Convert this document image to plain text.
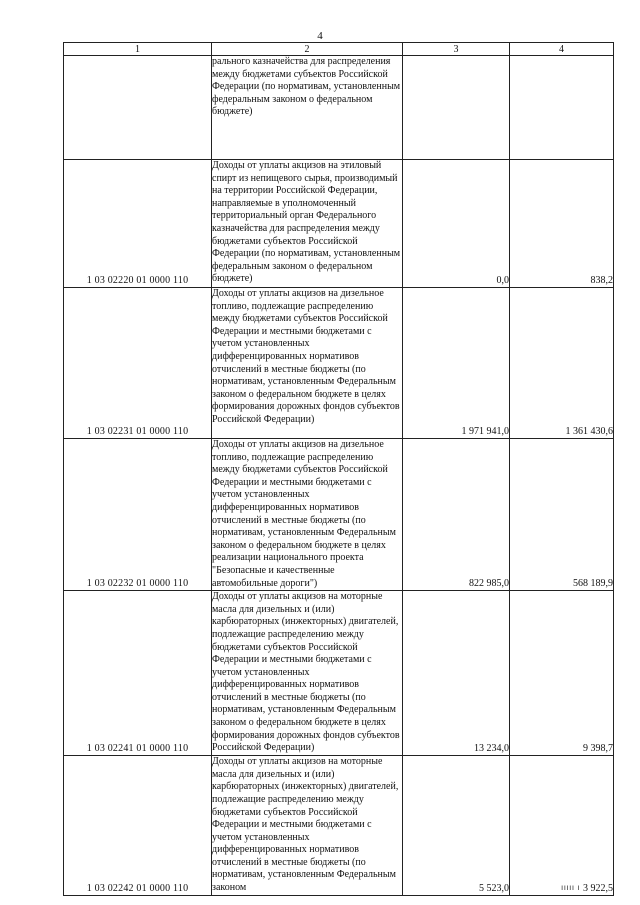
4
1	2	3	4
	рального казначейства для распределения между бюджетами субъектов Российской Федерации (по нормативам, установленным федеральным законом о федеральном бюджете)		
1 03 02220 01 0000 110	Доходы от уплаты акцизов на этиловый спирт из непищевого сырья, производимый на территории Российской Федерации, направляемые в уполномоченный территориальный орган Федерального казначейства для распределения между бюджетами субъектов Российской Федерации (по нормативам, установленным федеральным законом о федеральном бюджете)	0,0	838,2
1 03 02231 01 0000 110	Доходы от уплаты акцизов на дизельное топливо, подлежащие распределению между бюджетами субъектов Российской Федерации и местными бюджетами с учетом установленных дифференцированных нормативов отчислений в местные бюджеты (по нормативам, установленным Федеральным законом о федеральном бюджете в целях формирования дорожных фондов субъектов Российской Федерации)	1 971 941,0	1 361 430,6
1 03 02232 01 0000 110	Доходы от уплаты акцизов на дизельное топливо, подлежащие распределению между бюджетами субъектов Российской Федерации и местными бюджетами с учетом установленных дифференцированных нормативов отчислений в местные бюджеты (по нормативам, установленным Федеральным законом о федеральном бюджете в целях реализации национального проекта "Безопасные и качественные автомобильные дороги")	822 985,0	568 189,9
1 03 02241 01 0000 110	Доходы от уплаты акцизов на моторные масла для дизельных и (или) карбюраторных (инжекторных) двигателей, подлежащие распределению между бюджетами субъектов Российской Федерации и местными бюджетами с учетом установленных дифференцированных нормативов отчислений в местные бюджеты (по нормативам, установленным Федеральным законом о федеральном бюджете в целях формирования дорожных фондов субъектов Российской Федерации)	13 234,0	9 398,7
1 03 02242 01 0000 110	Доходы от уплаты акцизов на моторные масла для дизельных и (или) карбюраторных (инжекторных) двигателей, подлежащие распределению между бюджетами субъектов Российской Федерации и местными бюджетами с учетом установленных дифференцированных нормативов отчислений в местные бюджеты (по нормативам, установленным Федеральным законом	5 523,0	3 922,5
ııııı ı
